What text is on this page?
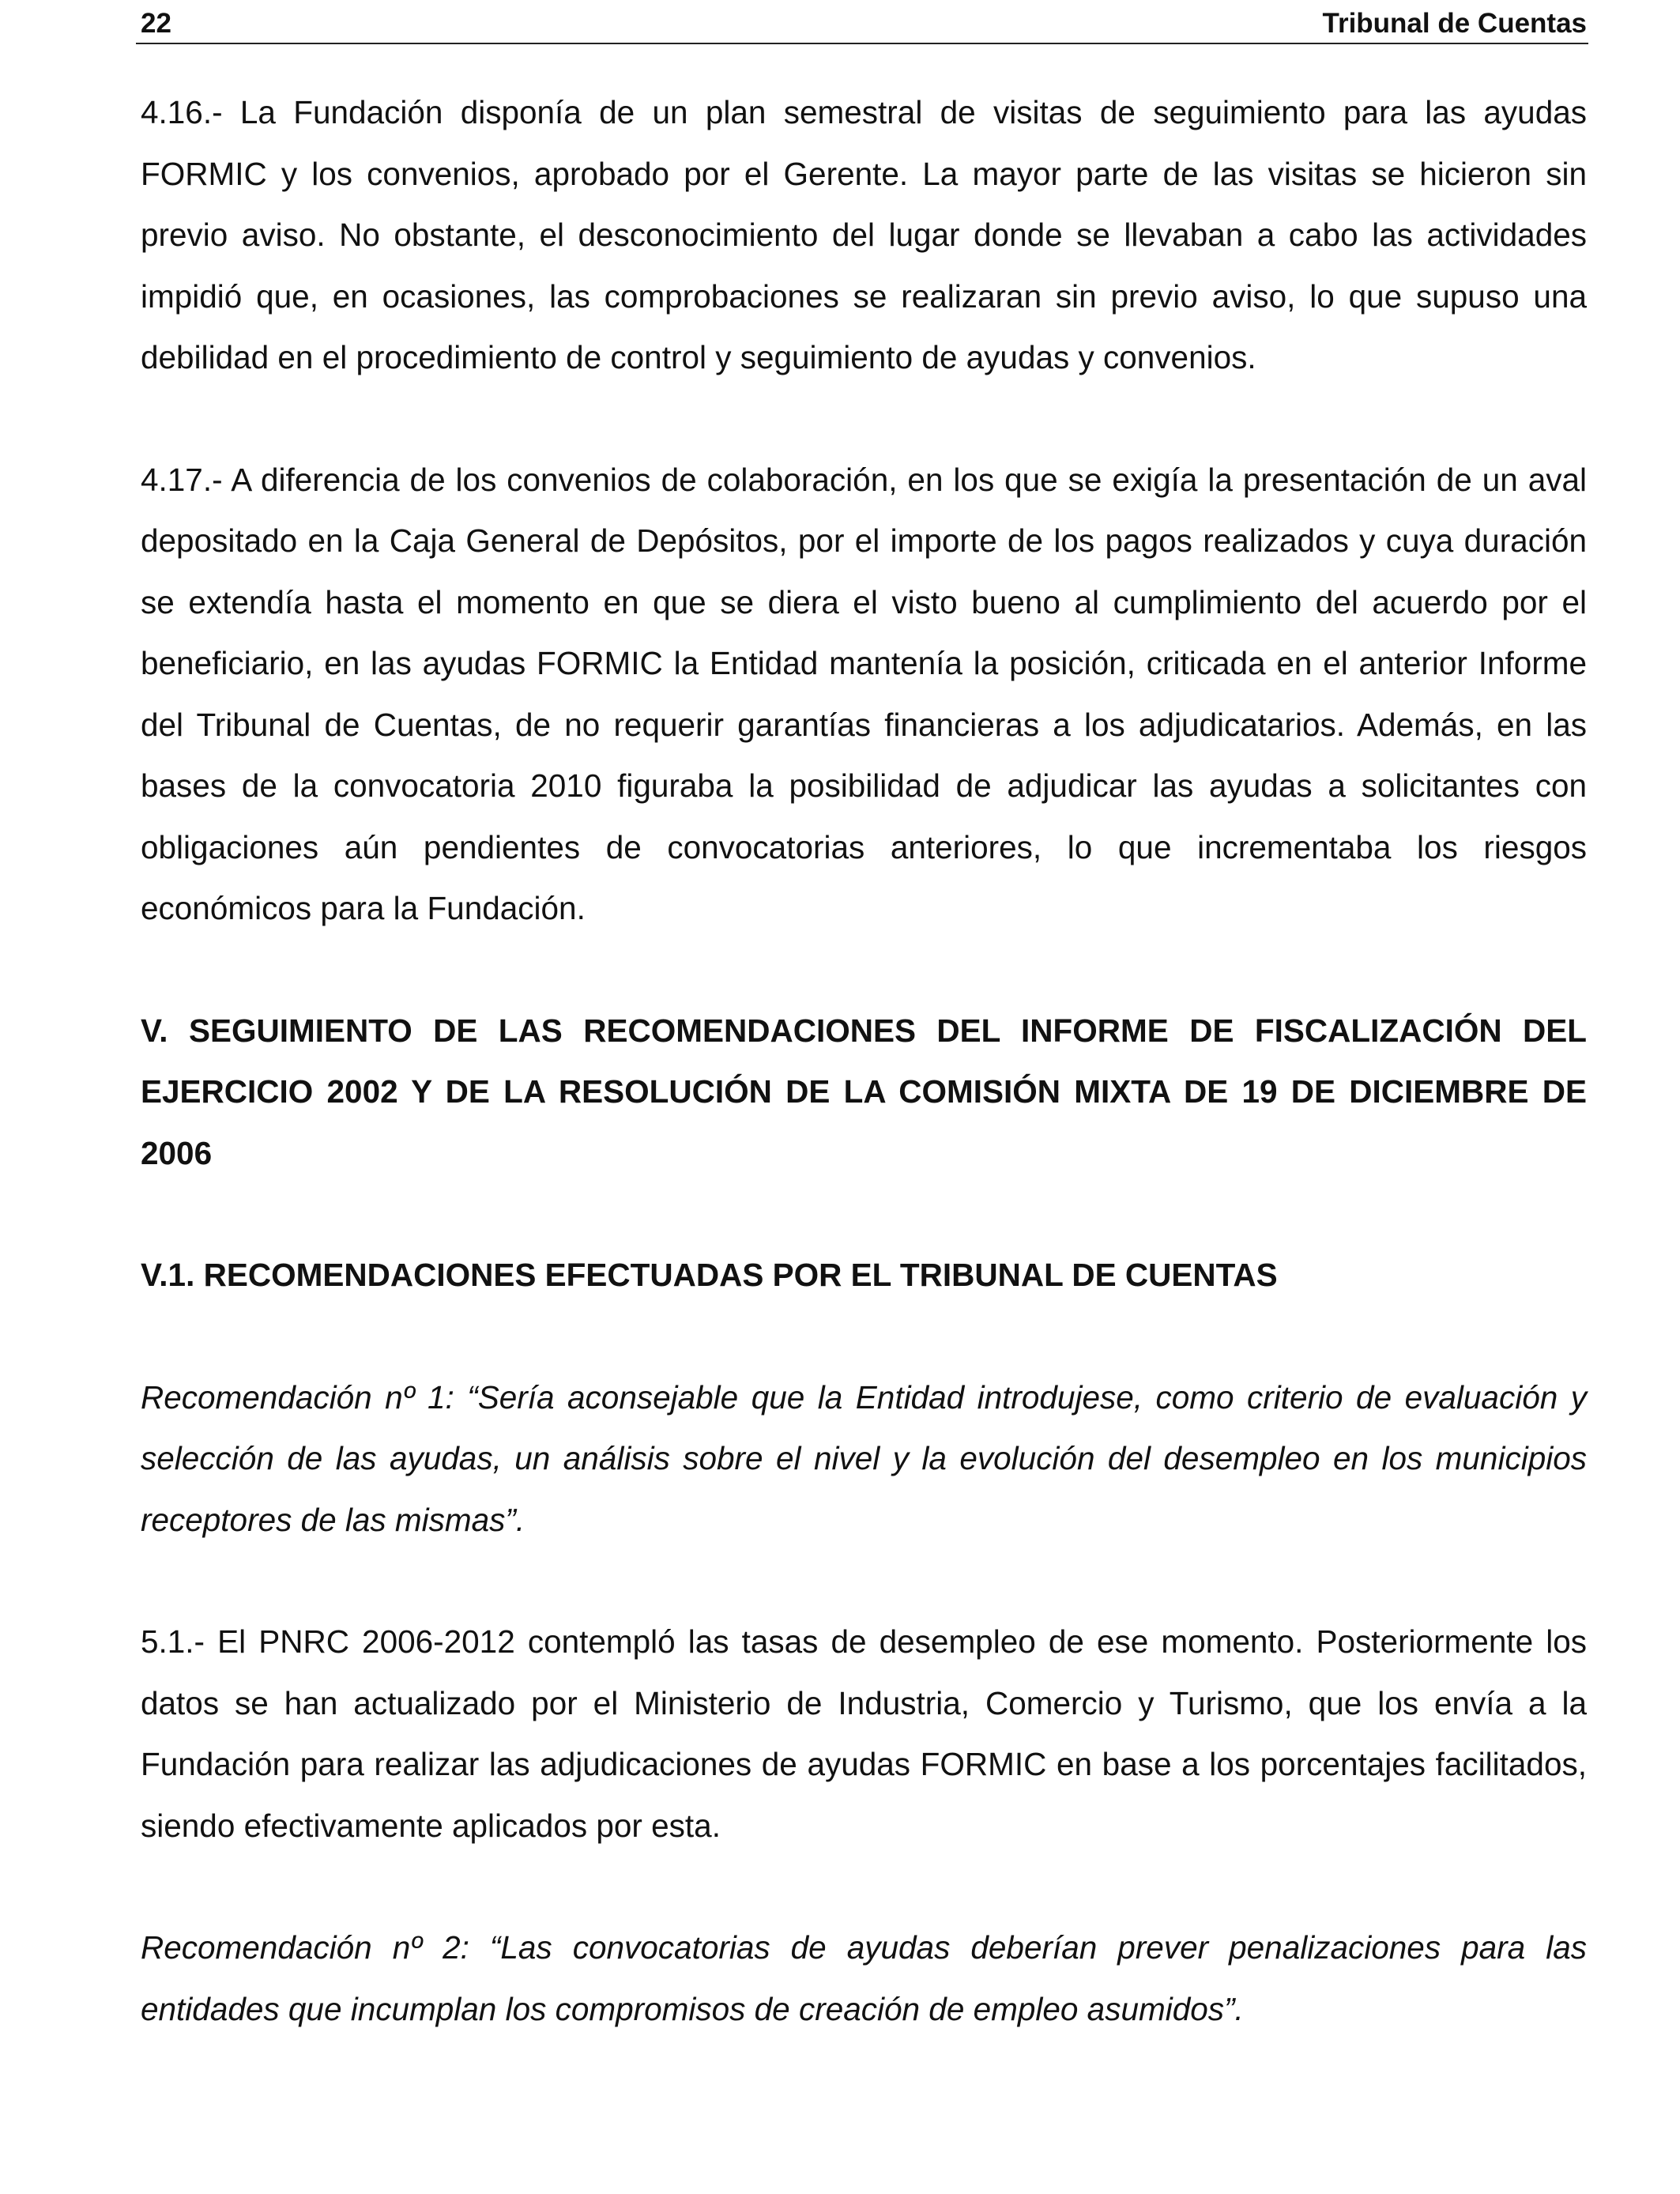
22	Tribunal de Cuentas

4.16.- La Fundación disponía de un plan semestral de visitas de seguimiento para las ayudas FORMIC y los convenios, aprobado por el Gerente. La mayor parte de las visitas se hicieron sin previo aviso. No obstante, el desconocimiento del lugar donde se llevaban a cabo las actividades impidió que, en ocasiones, las comprobaciones se realizaran sin previo aviso, lo que supuso una debilidad en el procedimiento de control y seguimiento de ayudas y convenios.

4.17.- A diferencia de los convenios de colaboración, en los que se exigía la presentación de un aval depositado en la Caja General de Depósitos, por el importe de los pagos realizados y cuya duración se extendía hasta el momento en que se diera el visto bueno al cumplimiento del acuerdo por el beneficiario, en las ayudas FORMIC la Entidad mantenía la posición, criticada en el anterior Informe del Tribunal de Cuentas, de no requerir garantías financieras a los adjudicatarios. Además, en las bases de la convocatoria 2010 figuraba la posibilidad de adjudicar las ayudas a solicitantes con obligaciones aún pendientes de convocatorias anteriores, lo que incrementaba los riesgos económicos para la Fundación.

V. SEGUIMIENTO DE LAS RECOMENDACIONES DEL INFORME DE FISCALIZACIÓN DEL EJERCICIO 2002 Y DE LA RESOLUCIÓN DE LA COMISIÓN MIXTA DE 19 DE DICIEMBRE DE 2006
V.1. RECOMENDACIONES EFECTUADAS POR EL TRIBUNAL DE CUENTAS

Recomendación nº 1: “Sería aconsejable que la Entidad introdujese, como criterio de evaluación y selección de las ayudas, un análisis sobre el nivel y la evolución del desempleo en los municipios receptores de las mismas”.

5.1.- El PNRC 2006-2012 contempló las tasas de desempleo de ese momento. Posteriormente los datos se han actualizado por el Ministerio de Industria, Comercio y Turismo, que los envía a la Fundación para realizar las adjudicaciones de ayudas FORMIC en base a los porcentajes facilitados, siendo efectivamente aplicados por esta.

Recomendación nº 2: “Las convocatorias de ayudas deberían prever penalizaciones para las entidades que incumplan los compromisos de creación de empleo asumidos”.
